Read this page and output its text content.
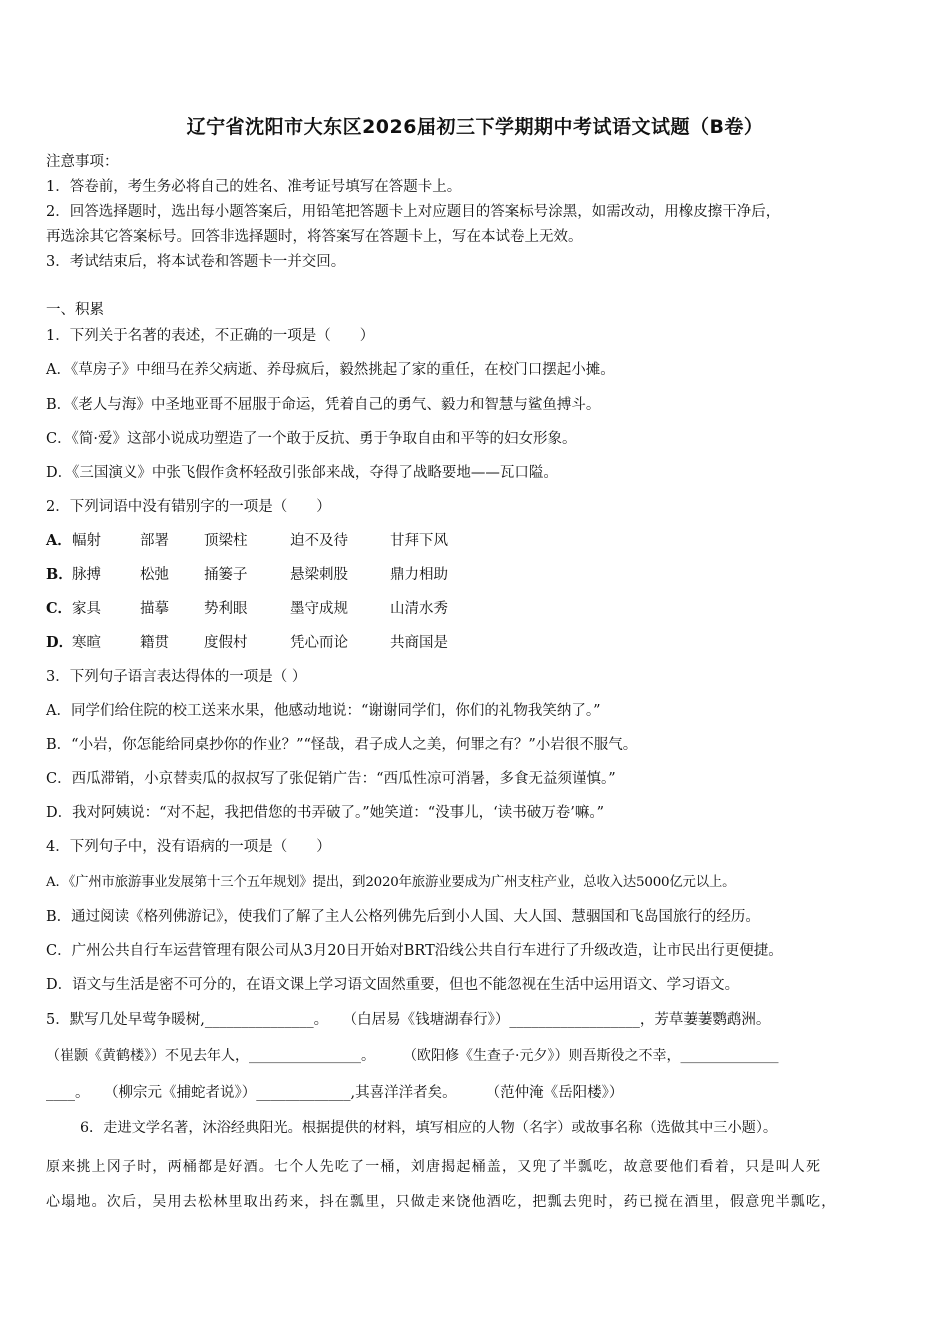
辽宁省沈阳市大东区2026届初三下学期期中考试语文试题（B卷）
注意事项：
1．答卷前，考生务必将自己的姓名、准考证号填写在答题卡上。
2．回答选择题时，选出每小题答案后，用铅笔把答题卡上对应题目的答案标号涂黑，如需改动，用橡皮擦干净后，
再选涂其它答案标号。回答非选择题时，将答案写在答题卡上，写在本试卷上无效。
3．考试结束后，将本试卷和答题卡一并交回。
一、积累
1．下列关于名著的表述，不正确的一项是（　　）
A．《草房子》中细马在养父病逝、养母疯后，毅然挑起了家的重任，在校门口摆起小摊。
B．《老人与海》中圣地亚哥不屈服于命运，凭着自己的勇气、毅力和智慧与鲨鱼搏斗。
C．《简·爱》这部小说成功塑造了一个敢于反抗、勇于争取自由和平等的妇女形象。
D．《三国演义》中张飞假作贪杯轻敌引张郃来战，夺得了战略要地——瓦口隘。
2．下列词语中没有错别字的一项是（　　）
A．幅射	部署 顶梁柱	迫不及待	甘拜下风
B．脉搏	松弛 捅篓子	悬梁刺股	鼎力相助
C．家具	描摹 势利眼	墨守成规	山清水秀
D．寒暄	籍贯 度假村	凭心而论	共商国是
3．下列句子语言表达得体的一项是（ ）
A．同学们给住院的校工送来水果，他感动地说：“谢谢同学们，你们的礼物我笑纳了。”
B．“小岩，你怎能给同桌抄你的作业？”“怪哉，君子成人之美，何罪之有？”小岩很不服气。
C．西瓜滞销，小京替卖瓜的叔叔写了张促销广告：“西瓜性凉可消暑，多食无益须谨慎。”
D．我对阿姨说：“对不起，我把借您的书弄破了。”她笑道：“没事儿，‘读书破万卷’嘛。”
4．下列句子中，没有语病的一项是（　　）
A．《广州市旅游事业发展第十三个五年规划》提出，到2020年旅游业要成为广州支柱产业，总收入达5000亿元以上。
B．通过阅读《格列佛游记》，使我们了解了主人公格列佛先后到小人国、大人国、慧骃国和飞岛国旅行的经历。
C．广州公共自行车运营管理有限公司从3月20日开始对BRT沿线公共自行车进行了升级改造，让市民出行更便捷。
D．语文与生活是密不可分的，在语文课上学习语文固然重要，但也不能忽视在生活中运用语文、学习语文。
5．默写几处早莺争暖树,_______________。　　（白居易《钱塘湖春行》）__________________，芳草萋萋鹦鹉洲。
（崔颢《黄鹤楼》）不见去年人，________________。　　　（欧阳修《生查子·元夕》）则吾斯役之不幸，______________
____。　　（柳宗元《捕蛇者说》）_____________,其喜洋洋者矣。　　　（范仲淹《岳阳楼》）
6．走进文学名著，沐浴经典阳光。根据提供的材料，填写相应的人物（名字）或故事名称（选做其中三小题）。
原来挑上冈子时，两桶都是好酒。七个人先吃了一桶，刘唐揭起桶盖，又兜了半瓢吃，故意要他们看着，只是叫人死
心塌地。次后，吴用去松林里取出药来，抖在瓢里，只做走来饶他酒吃，把瓢去兜时，药已搅在酒里，假意兜半瓢吃，
